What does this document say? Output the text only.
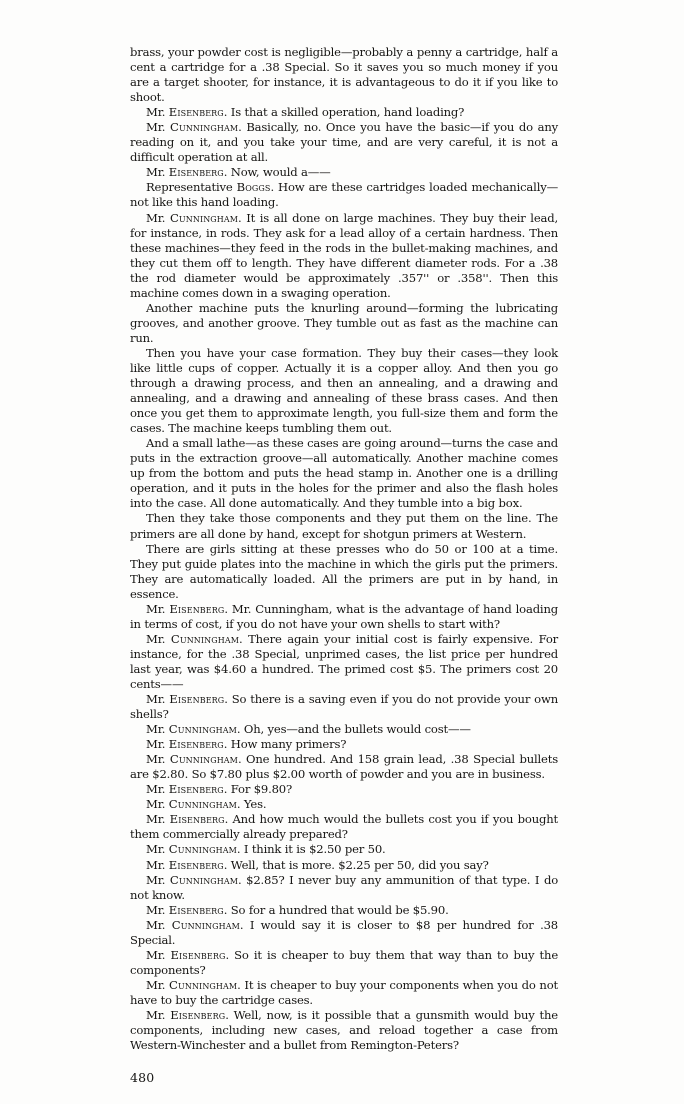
brass, your powder cost is negligible—probably a penny a cartridge, half a cent a cartridge for a .38 Special. So it saves you so much money if you are a target shooter, for instance, it is advantageous to do it if you like to shoot.

Mr. Eisenberg. Is that a skilled operation, hand loading?

Mr. Cunningham. Basically, no. Once you have the basic—if you do any reading on it, and you take your time, and are very careful, it is not a difficult operation at all.

Mr. Eisenberg. Now, would a——

Representative Boggs. How are these cartridges loaded mechanically—not like this hand loading.

Mr. Cunningham. It is all done on large machines. They buy their lead, for instance, in rods. They ask for a lead alloy of a certain hardness. Then these machines—they feed in the rods in the bullet-making machines, and they cut them off to length. They have different diameter rods. For a .38 the rod diameter would be approximately .357'' or .358''. Then this machine comes down in a swaging operation.

Another machine puts the knurling around—forming the lubricating grooves, and another groove. They tumble out as fast as the machine can run.

Then you have your case formation. They buy their cases—they look like little cups of copper. Actually it is a copper alloy. And then you go through a drawing process, and then an annealing, and a drawing and annealing, and a drawing and annealing of these brass cases. And then once you get them to approximate length, you full-size them and form the cases. The machine keeps tumbling them out.

And a small lathe—as these cases are going around—turns the case and puts in the extraction groove—all automatically. Another machine comes up from the bottom and puts the head stamp in. Another one is a drilling operation, and it puts in the holes for the primer and also the flash holes into the case. All done automatically. And they tumble into a big box.

Then they take those components and they put them on the line. The primers are all done by hand, except for shotgun primers at Western.

There are girls sitting at these presses who do 50 or 100 at a time. They put guide plates into the machine in which the girls put the primers. They are automatically loaded. All the primers are put in by hand, in essence.

Mr. Eisenberg. Mr. Cunningham, what is the advantage of hand loading in terms of cost, if you do not have your own shells to start with?

Mr. Cunningham. There again your initial cost is fairly expensive. For instance, for the .38 Special, unprimed cases, the list price per hundred last year, was $4.60 a hundred. The primed cost $5. The primers cost 20 cents——

Mr. Eisenberg. So there is a saving even if you do not provide your own shells?

Mr. Cunningham. Oh, yes—and the bullets would cost——

Mr. Eisenberg. How many primers?

Mr. Cunningham. One hundred. And 158 grain lead, .38 Special bullets are $2.80. So $7.80 plus $2.00 worth of powder and you are in business.

Mr. Eisenberg. For $9.80?

Mr. Cunningham. Yes.

Mr. Eisenberg. And how much would the bullets cost you if you bought them commercially already prepared?

Mr. Cunningham. I think it is $2.50 per 50.

Mr. Eisenberg. Well, that is more. $2.25 per 50, did you say?

Mr. Cunningham. $2.85? I never buy any ammunition of that type. I do not know.

Mr. Eisenberg. So for a hundred that would be $5.90.

Mr. Cunningham. I would say it is closer to $8 per hundred for .38 Special.

Mr. Eisenberg. So it is cheaper to buy them that way than to buy the components?

Mr. Cunningham. It is cheaper to buy your components when you do not have to buy the cartridge cases.

Mr. Eisenberg. Well, now, is it possible that a gunsmith would buy the components, including new cases, and reload together a case from Western-Winchester and a bullet from Remington-Peters?

480
